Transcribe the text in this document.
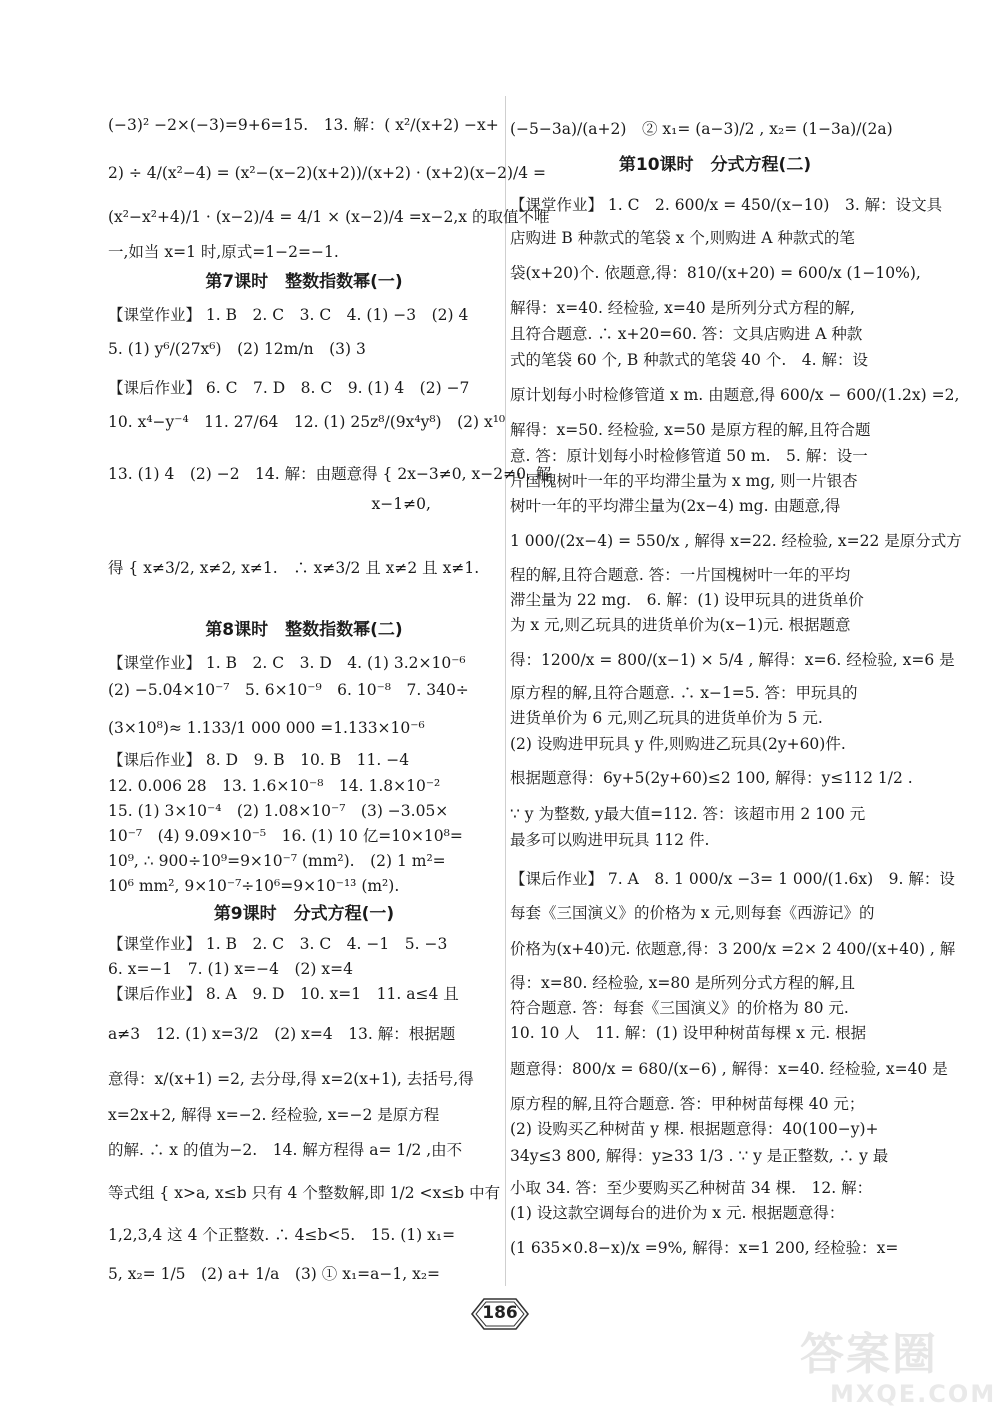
(−3)² −2×(−3)=9+6=15.　13. 解：( x²/(x+2) −x+
2) ÷ 4/(x²−4) = (x²−(x−2)(x+2))/(x+2) · (x+2)(x−2)/4 =
(x²−x²+4)/1 · (x−2)/4 = 4/1 × (x−2)/4 =x−2,x 的取值不唯
一,如当 x=1 时,原式=1−2=−1.
第7课时　整数指数幂(一)
【课堂作业】 1. B　2. C　3. C　4. (1) −3　(2) 4
5. (1) y⁶/(27x⁶)　(2) 12m/n　(3) 3
【课后作业】 6. C　7. D　8. C　9. (1) 4　(2) −7
10. x⁴−y⁻⁴　11. 27/64　12. (1) 25z⁸/(9x⁴y⁸)　(2) x¹⁰
13. (1) 4　(2) −2　14. 解：由题意得 { 2x−3≠0, x−2≠0, 解
　　　　　　　　　　　　　　　　　x−1≠0,
得 { x≠3/2, x≠2, x≠1.　∴ x≠3/2 且 x≠2 且 x≠1.
第8课时　整数指数幂(二)
【课堂作业】 1. B　2. C　3. D　4. (1) 3.2×10⁻⁶
(2) −5.04×10⁻⁷　5. 6×10⁻⁹　6. 10⁻⁸　7. 340÷
(3×10⁸)≈ 1.133/1 000 000 =1.133×10⁻⁶
【课后作业】 8. D　9. B　10. B　11. −4
12. 0.006 28　13. 1.6×10⁻⁸　14. 1.8×10⁻²
15. (1) 3×10⁻⁴　(2) 1.08×10⁻⁷　(3) −3.05×
10⁻⁷　(4) 9.09×10⁻⁵　16. (1) 10 亿=10×10⁸=
10⁹, ∴ 900÷10⁹=9×10⁻⁷ (mm²).　(2) 1 m²=
10⁶ mm², 9×10⁻⁷÷10⁶=9×10⁻¹³ (m²).
第9课时　分式方程(一)
【课堂作业】 1. B　2. C　3. C　4. −1　5. −3
6. x=−1　7. (1) x=−4　(2) x=4
【课后作业】 8. A　9. D　10. x=1　11. a≤4 且
a≠3　12. (1) x=3/2　(2) x=4　13. 解：根据题
意得：x/(x+1) =2, 去分母,得 x=2(x+1), 去括号,得
x=2x+2, 解得 x=−2. 经检验, x=−2 是原方程
的解. ∴ x 的值为−2.　14. 解方程得 a= 1/2 ,由不
等式组 { x>a, x≤b 只有 4 个整数解,即 1/2 <x≤b 中有
1,2,3,4 这 4 个正整数. ∴ 4≤b<5.　15. (1) x₁=
5, x₂= 1/5　(2) a+ 1/a　(3) ① x₁=a−1, x₂=
(−5−3a)/(a+2)　② x₁= (a−3)/2 , x₂= (1−3a)/(2a)
第10课时　分式方程(二)
【课堂作业】 1. C　2. 600/x = 450/(x−10)　3. 解：设文具
店购进 B 种款式的笔袋 x 个,则购进 A 种款式的笔
袋(x+20)个. 依题意,得：810/(x+20) = 600/x (1−10%),
解得：x=40. 经检验, x=40 是所列分式方程的解,
且符合题意. ∴ x+20=60. 答：文具店购进 A 种款
式的笔袋 60 个, B 种款式的笔袋 40 个.　4. 解：设
原计划每小时检修管道 x m. 由题意,得 600/x − 600/(1.2x) =2,
解得：x=50. 经检验, x=50 是原方程的解,且符合题
意. 答：原计划每小时检修管道 50 m.　5. 解：设一
片国槐树叶一年的平均滞尘量为 x mg, 则一片银杏
树叶一年的平均滞尘量为(2x−4) mg. 由题意,得
1 000/(2x−4) = 550/x , 解得 x=22. 经检验, x=22 是原分式方
程的解,且符合题意. 答：一片国槐树叶一年的平均
滞尘量为 22 mg.　6. 解：(1) 设甲玩具的进货单价
为 x 元,则乙玩具的进货单价为(x−1)元. 根据题意
得：1200/x = 800/(x−1) × 5/4 , 解得：x=6. 经检验, x=6 是
原方程的解,且符合题意. ∴ x−1=5. 答：甲玩具的
进货单价为 6 元,则乙玩具的进货单价为 5 元.
(2) 设购进甲玩具 y 件,则购进乙玩具(2y+60)件.
根据题意得：6y+5(2y+60)≤2 100, 解得：y≤112 1/2 .
∵ y 为整数, y最大值=112. 答：该超市用 2 100 元
最多可以购进甲玩具 112 件.
【课后作业】 7. A　8. 1 000/x −3= 1 000/(1.6x)　9. 解：设
每套《三国演义》的价格为 x 元,则每套《西游记》的
价格为(x+40)元. 依题意,得：3 200/x =2× 2 400/(x+40) , 解
得：x=80. 经检验, x=80 是所列分式方程的解,且
符合题意. 答：每套《三国演义》的价格为 80 元.
10. 10 人　11. 解：(1) 设甲种树苗每棵 x 元. 根据
题意得：800/x = 680/(x−6) , 解得：x=40. 经检验, x=40 是
原方程的解,且符合题意. 答：甲种树苗每棵 40 元；
(2) 设购买乙种树苗 y 棵. 根据题意得：40(100−y)+
34y≤3 800, 解得：y≥33 1/3 . ∵ y 是正整数, ∴ y 最
小取 34. 答：至少要购买乙种树苗 34 棵.　12. 解：
(1) 设这款空调每台的进价为 x 元. 根据题意得：
(1 635×0.8−x)/x =9%, 解得：x=1 200, 经检验：x=
186
答案圈
MXQE.COM
